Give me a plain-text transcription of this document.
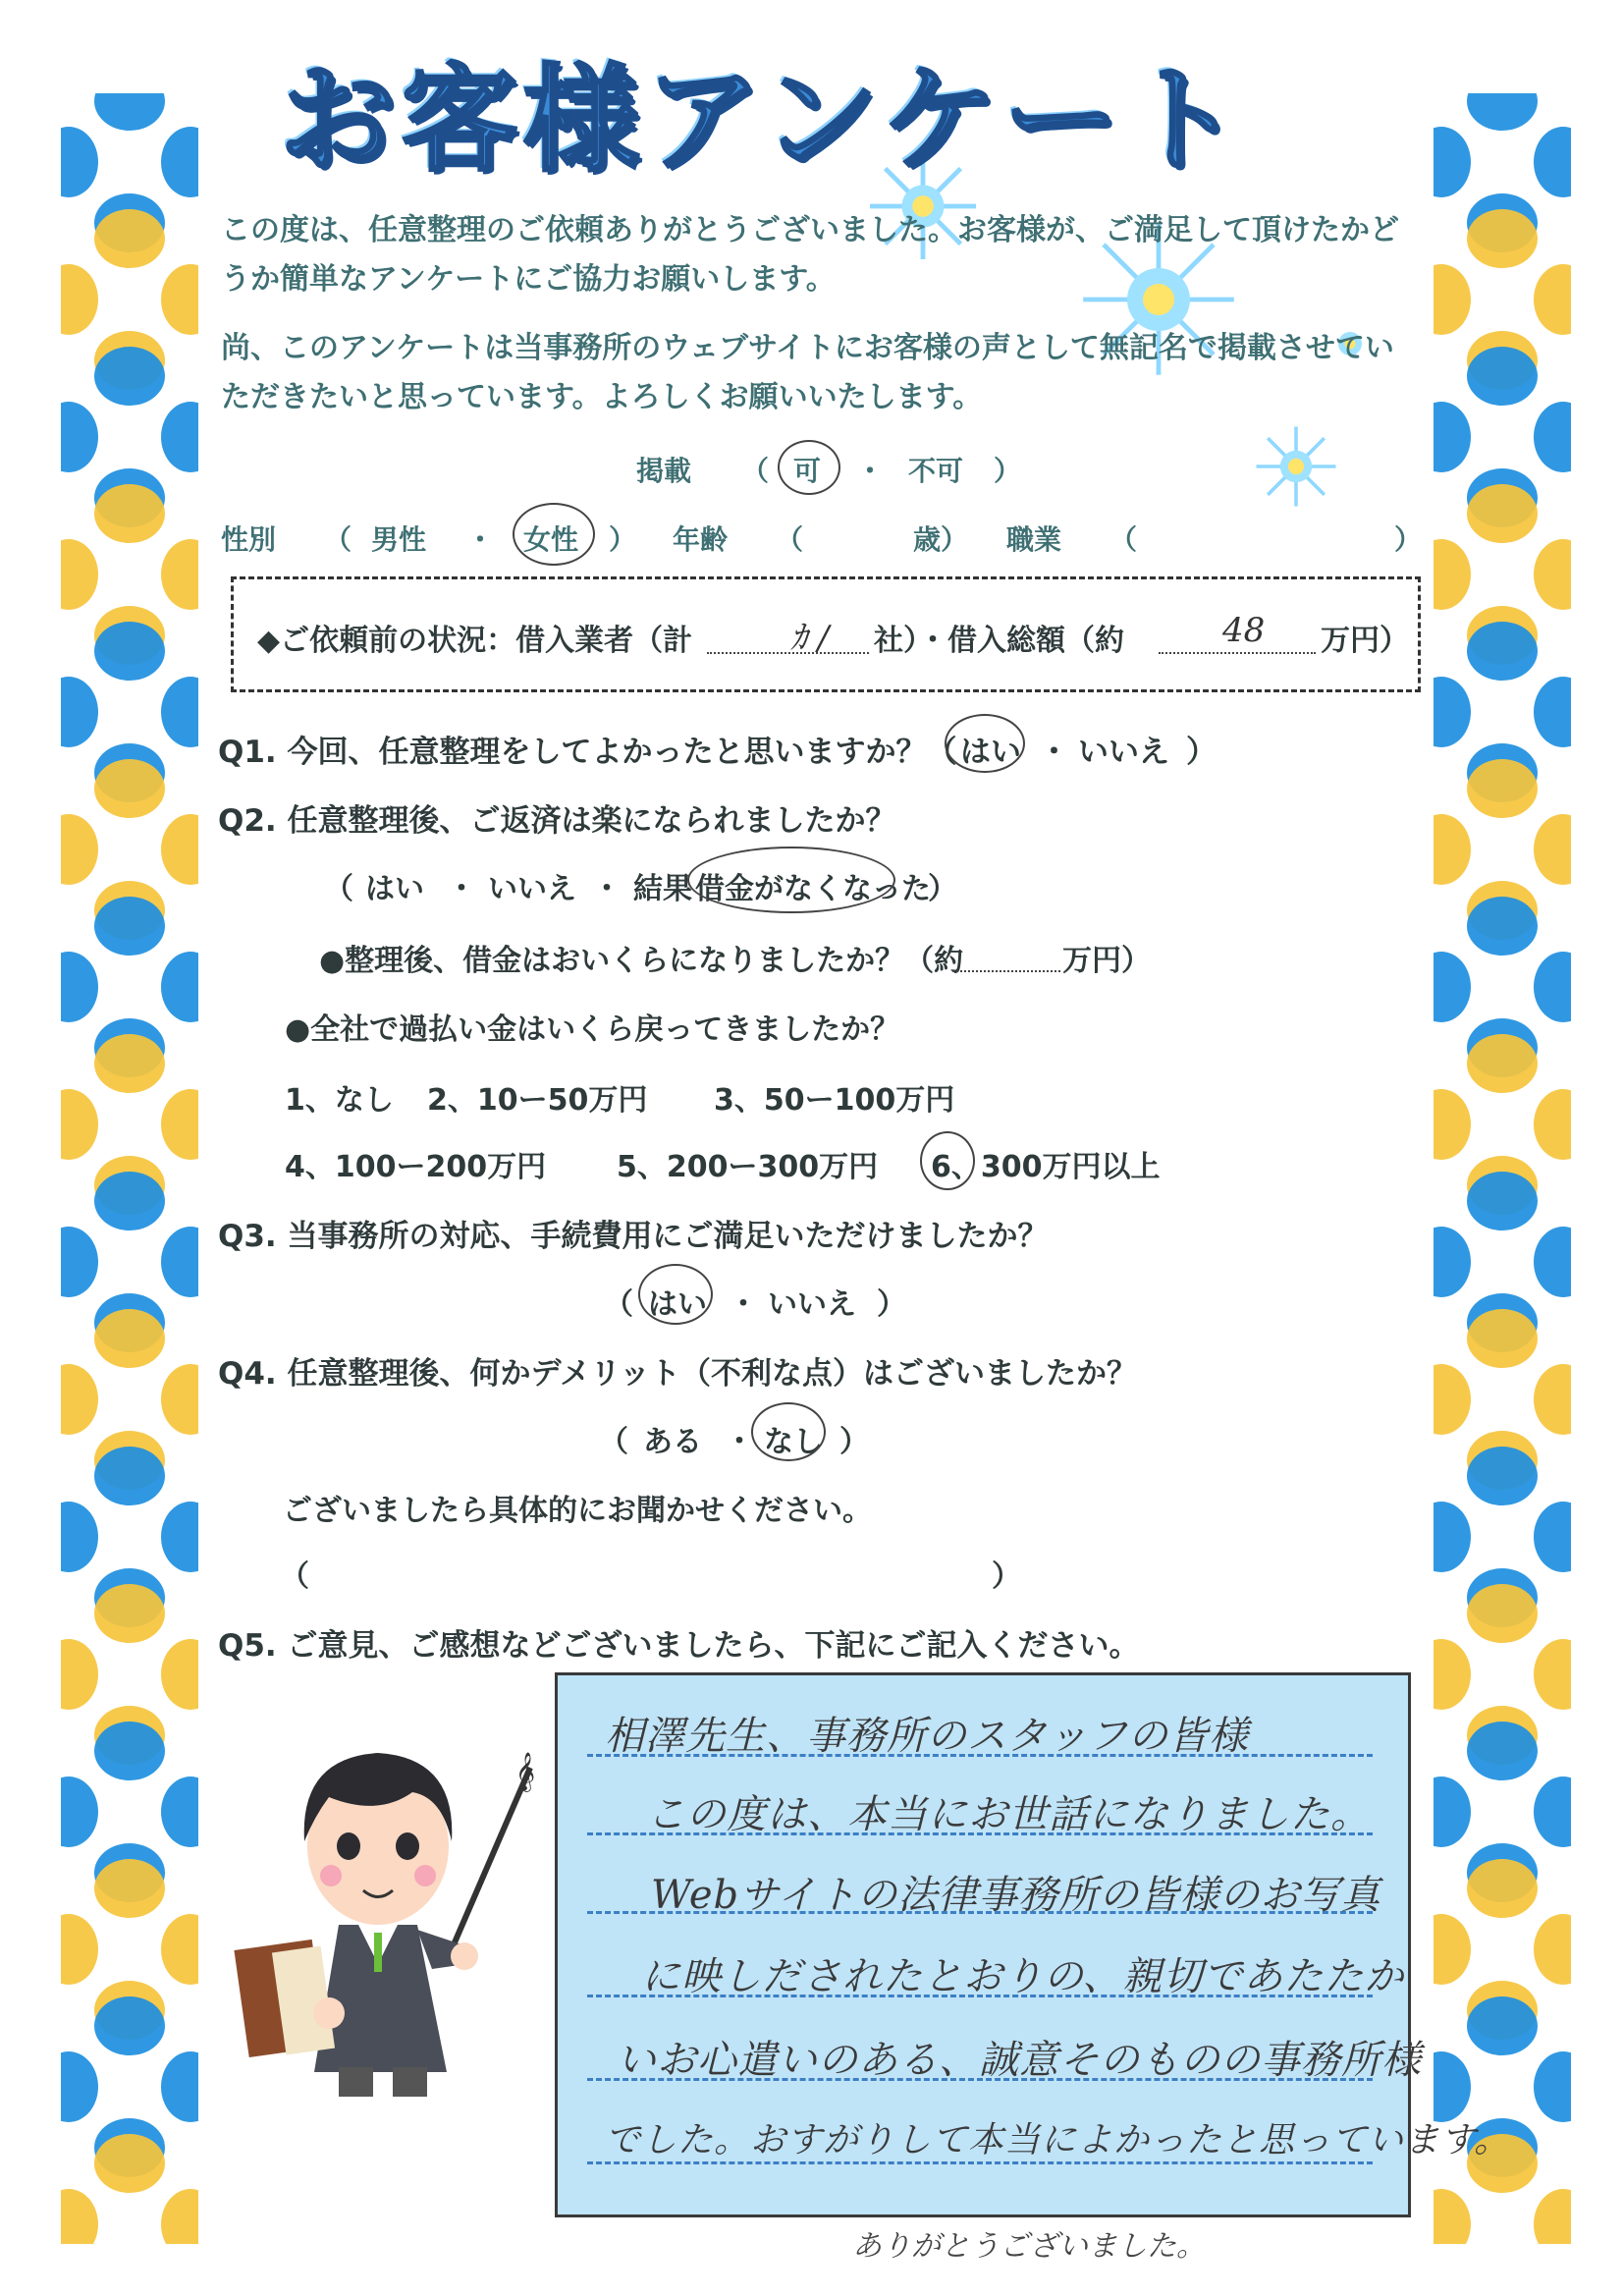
お客様アンケート
この度は、任意整理のご依頼ありがとうございました。お客様が、ご満足して頂けたかど
うか簡単なアンケートにご協力お願いします。
尚、このアンケートは当事務所のウェブサイトにお客様の声として無記名で掲載させてい
ただきたいと思っています。よろしくお願いいたします。
掲載 （ 可 ・ 不可 ）
性別 （ 男性 ・ 女性 ） 年齢 （	歳） 職業 （	）
◆ご依頼前の状況：借入業者（計	ｶ / 社）・借入総額（約	48 万円）
Q1. 今回、任意整理をしてよかったと思いますか？（ はい ・ いいえ ）
Q2. 任意整理後、ご返済は楽になられましたか？
（ はい ・ いいえ ・ 結果 借金がなくなった
）
●整理後、借金はおいくらになりましたか？（約	万円）
●全社で過払い金はいくら戻ってきましたか？
1、なし 2、10ー50万円 3、50ー100万円
4、100ー200万円 5、200ー300万円 6、300万円以上
Q3. 当事務所の対応、手続費用にご満足いただけましたか？
（ はい ・ いいえ ）
Q4. 任意整理後、何かデメリット（不利な点）はございましたか？
（ ある ・ なし ）
ございましたら具体的にお聞かせください。
（	）
Q5. ご意見、ご感想などございましたら、下記にご記入ください。
𝄞
相澤先生、事務所のスタッフの皆様
この度は、本当にお世話になりました。
Webサイトの法律事務所の皆様のお写真
に映しだされたとおりの、親切であたたか
いお心遣いのある、誠意そのものの事務所様
でした。おすがりして本当によかったと思っています。
ありがとうございました。
